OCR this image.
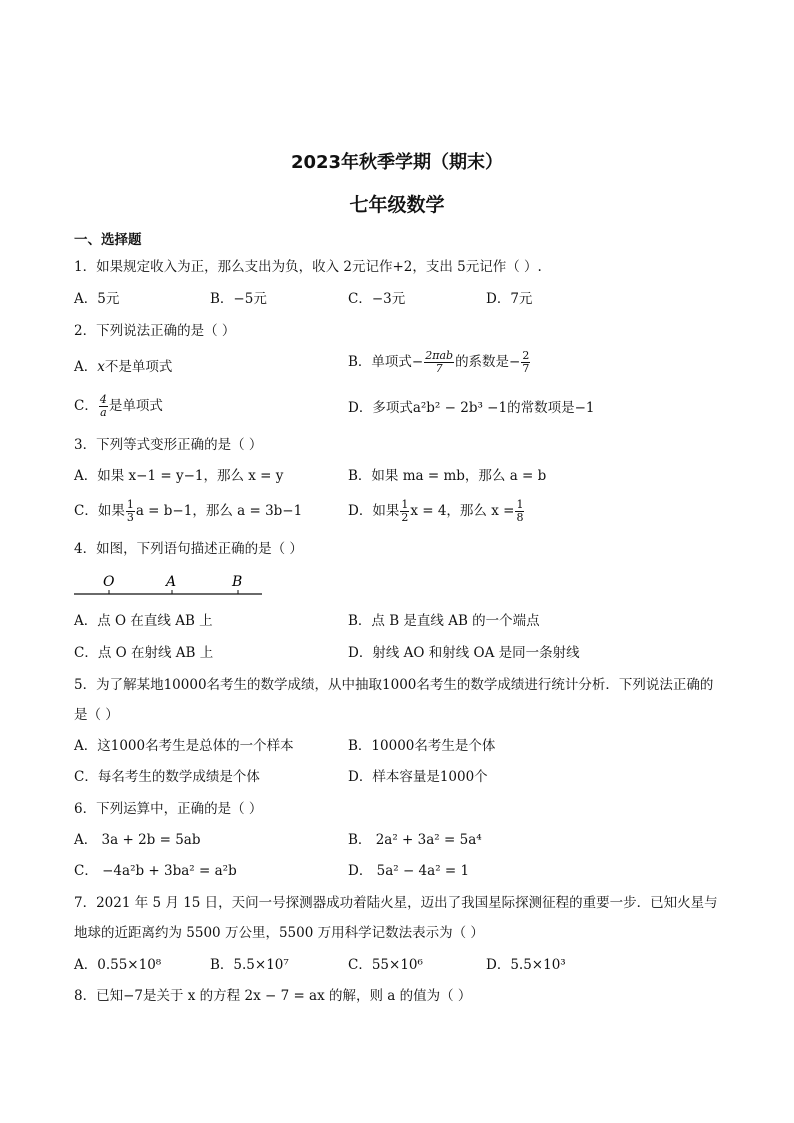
2023年秋季学期（期末）
七年级数学
一、选择题
1．如果规定收入为正，那么支出为负，收入 2元记作+2，支出 5元记作（ ）.
A．5元	B．−5元	C．−3元	D．7元
2．下列说法正确的是（ ）
A．x不是单项式	B．单项式− $\frac{\text{2πab}}{7}$ 的系数是− $\frac{2}{7}$
C． $\frac{4}{a}$ 是单项式	D．多项式a²b² − 2b³ −1的常数项是−1
3．下列等式变形正确的是（ ）
A．如果 x−1 = y−1，那么 x = y	B．如果 ma = mb，那么 a = b
C．如果 $\frac{1}{3}$ a = b−1，那么 a = 3b−1	D．如果 $\frac{1}{2}$ x = 4，那么 $x = \frac{1}{8}$
4．如图，下列语句描述正确的是（ ）
O	A	B
A．点 O 在直线 AB 上	B．点 B 是直线 AB 的一个端点
C．点 O 在射线 AB 上	D．射线 AO 和射线 OA 是同一条射线
5．为了解某地10000名考生的数学成绩，从中抽取1000名考生的数学成绩进行统计分析．下列说法正确的
是（ ）
A．这1000名考生是总体的一个样本	B．10000名考生是个体
C．每名考生的数学成绩是个体	D．样本容量是1000个
6．下列运算中，正确的是（ ）
A． 3a + 2b = 5ab	B． 2a² + 3a² = 5a⁴
C． −4a²b + 3ba² = a²b	D． 5a² − 4a² = 1
7．2021 年 5 月 15 日，天问一号探测器成功着陆火星，迈出了我国星际探测征程的重要一步．已知火星与
地球的近距离约为 5500 万公里，5500 万用科学记数法表示为（ ）
A．0.55×10⁸	B．5.5×10⁷	C．55×10⁶	D．5.5×10³
8．已知−7是关于 x 的方程 2x − 7 = ax 的解，则 a 的值为（ ）
